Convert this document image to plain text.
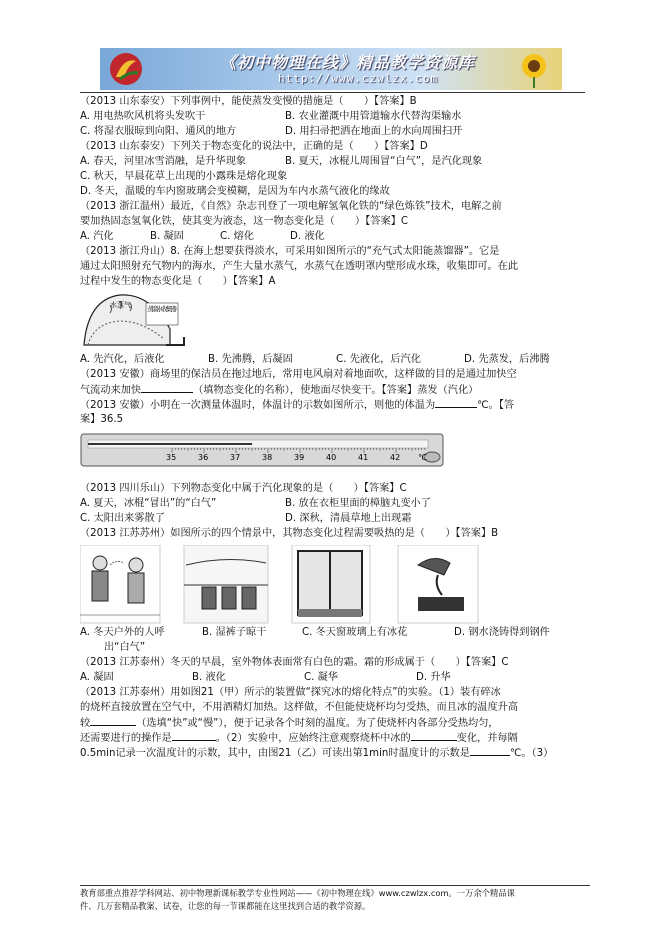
《初中物理在线》精品教学资源库
http://www.czwlzx.com
（2013 山东泰安）下列事例中，能使蒸发变慢的措施是（　　）【答案】B
A. 用电热吹风机将头发吹干	B. 农业灌溉中用管道输水代替沟渠输水
C. 将湿衣服晾到向阳、通风的地方	D. 用扫帚把洒在地面上的水向周围扫开
（2013 山东泰安）下列关于物态变化的说法中，正确的是（　　）【答案】D
A. 春天，河里冰雪消融，是升华现象	B. 夏天，冰棍儿周围冒“白气”，是汽化现象
C. 秋天，早晨花草上出现的小露珠是熔化现象
D. 冬天，温暖的车内窗玻璃会变模糊，是因为车内水蒸气液化的缘故
（2013 浙江温州）最近，《自然》杂志刊登了一项电解氢氧化铁的“绿色炼铁”技术，电解之前
要加热固态氢氧化铁，使其变为液态，这一物态变化是（　　）【答案】C
A. 汽化	B. 凝固	C. 熔化	D. 液化
（2013 浙江舟山）8. 在海上想要获得淡水，可采用如图所示的“充气式太阳能蒸馏器”。它是
通过太阳照射充气物内的海水，产生大量水蒸气，水蒸气在透明罩内壁形成水珠，收集即可。在此
过程中发生的物态变化是（　　）【答案】A
水蒸气 蒸馏水收集器
A. 先汽化，后液化	B. 先沸腾，后凝固	C. 先液化，后汽化	D. 先蒸发，后沸腾
（2013 安徽）商场里的保洁员在拖过地后，常用电风扇对着地面吹，这样做的目的是通过加快空
气流动来加快	（填物态变化的名称），使地面尽快变干。【答案】蒸发（汽化）
（2013 安徽）小明在一次测量体温时，体温计的示数如图所示，则他的体温为	℃。【答
案】36.5
35	36	37	38	39	40	41	42 ℃
（2013 四川乐山）下列物态变化中属于汽化现象的是（　　）【答案】C
A. 夏天，冰棍“冒出”的“白气”	B. 放在衣柜里面的樟脑丸变小了
C. 太阳出来雾散了	D. 深秋，清晨草地上出现霜
（2013 江苏苏州）如图所示的四个情景中，其物态变化过程需要吸热的是（　　）【答案】B
A. 冬天户外的人呼	B. 湿裤子晾干	C. 冬天窗玻璃上有冰花	D. 钢水浇铸得到钢件
出“白气”
（2013 江苏泰州）冬天的早晨，室外物体表面常有白色的霜。霜的形成属于（　　）【答案】C
A. 凝固	B. 液化	C. 凝华	D. 升华
（2013 江苏泰州）用如图21（甲）所示的装置做“探究冰的熔化特点”的实验。（1）装有碎冰
的烧杯直接放置在空气中，不用酒精灯加热。这样做，不但能使烧杯均匀受热，而且冰的温度升高
较	（选填“快”或“慢”），便于记录各个时刻的温度。为了使烧杯内各部分受热均匀，
还需要进行的操作是	。（2）实验中，应始终注意观察烧杯中冰的	变化，并每隔
0.5min记录一次温度计的示数，其中，由图21（乙）可读出第1min时温度计的示数是	℃。（3）
教育部重点推荐学科网站、初中物理新课标教学专业性网站——《初中物理在线》www.czwlzx.com。一万余个精品课
件、几万套精品教案、试卷，让您的每一节课都能在这里找到合适的教学资源。
